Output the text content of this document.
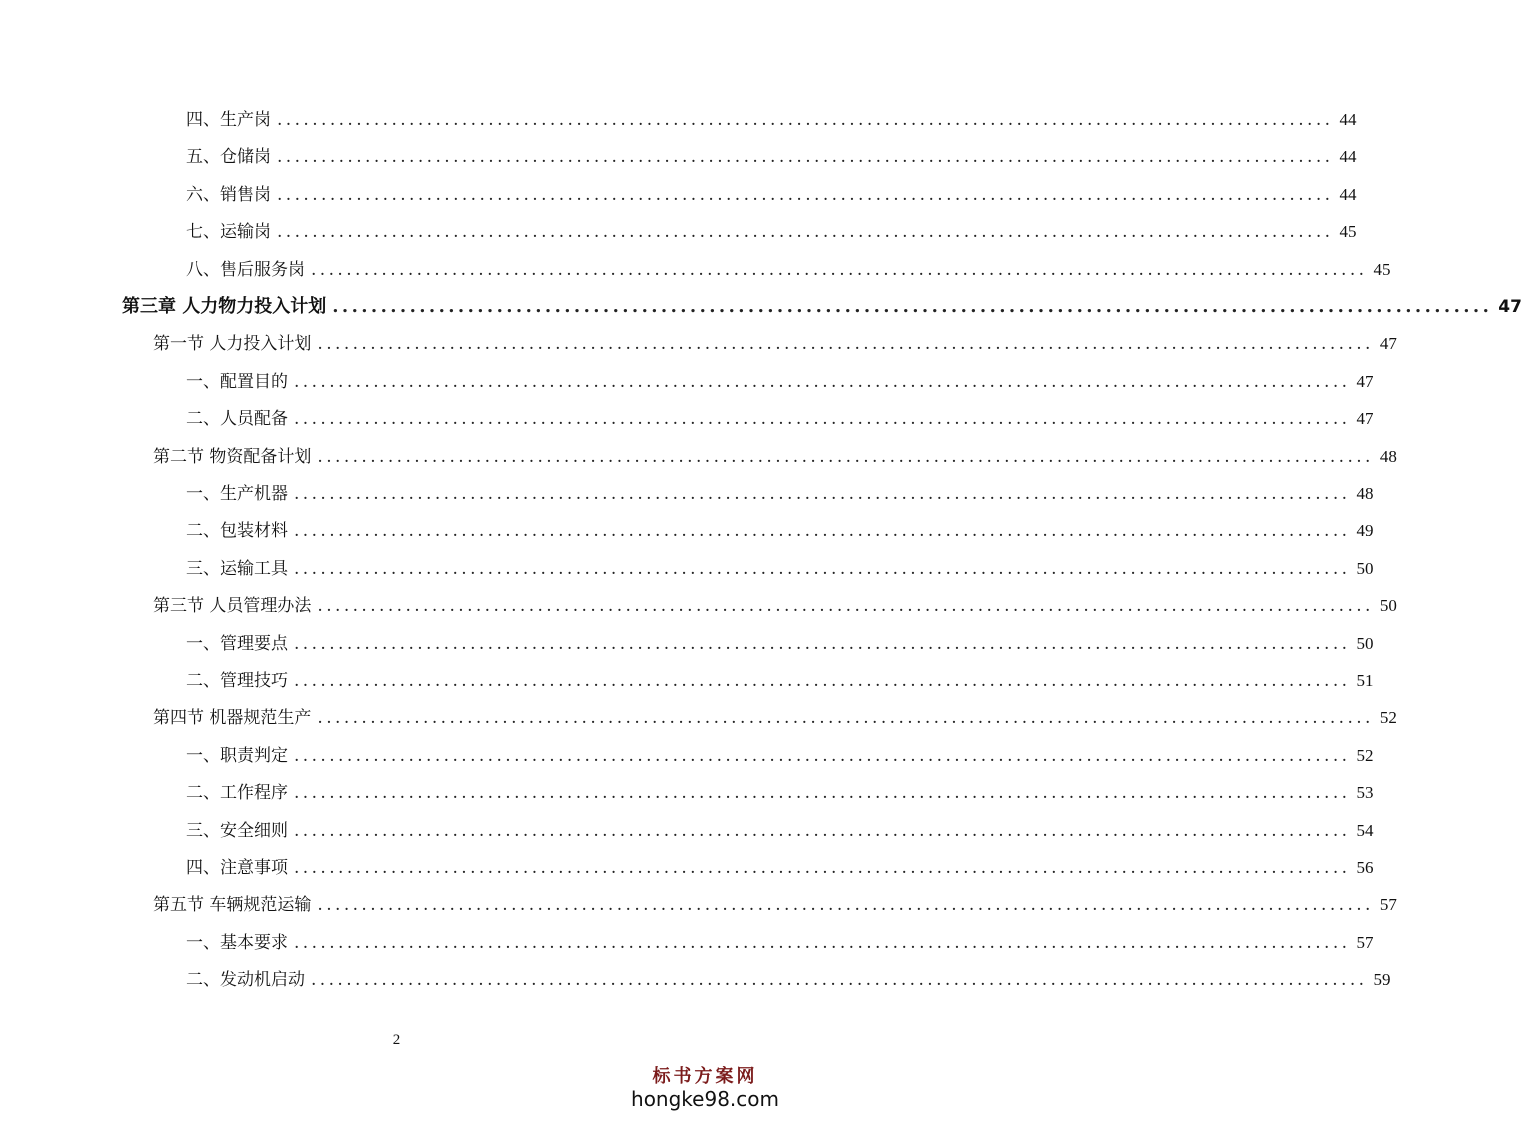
四、生产岗 ........................................................................................................................ 44
五、仓储岗 ........................................................................................................................ 44
六、销售岗 ........................................................................................................................ 44
七、运输岗 ........................................................................................................................ 45
八、售后服务岗 ........................................................................................................................ 45
第三章 人力物力投入计划 ........................................................................................................................ 47
第一节 人力投入计划 ........................................................................................................................ 47
一、配置目的 ........................................................................................................................ 47
二、人员配备 ........................................................................................................................ 47
第二节 物资配备计划 ........................................................................................................................ 48
一、生产机器 ........................................................................................................................ 48
二、包装材料 ........................................................................................................................ 49
三、运输工具 ........................................................................................................................ 50
第三节 人员管理办法 ........................................................................................................................ 50
一、管理要点 ........................................................................................................................ 50
二、管理技巧 ........................................................................................................................ 51
第四节 机器规范生产 ........................................................................................................................ 52
一、职责判定 ........................................................................................................................ 52
二、工作程序 ........................................................................................................................ 53
三、安全细则 ........................................................................................................................ 54
四、注意事项 ........................................................................................................................ 56
第五节 车辆规范运输 ........................................................................................................................ 57
一、基本要求 ........................................................................................................................ 57
二、发动机启动 ........................................................................................................................ 59
2
标书方案网
hongke98.com
